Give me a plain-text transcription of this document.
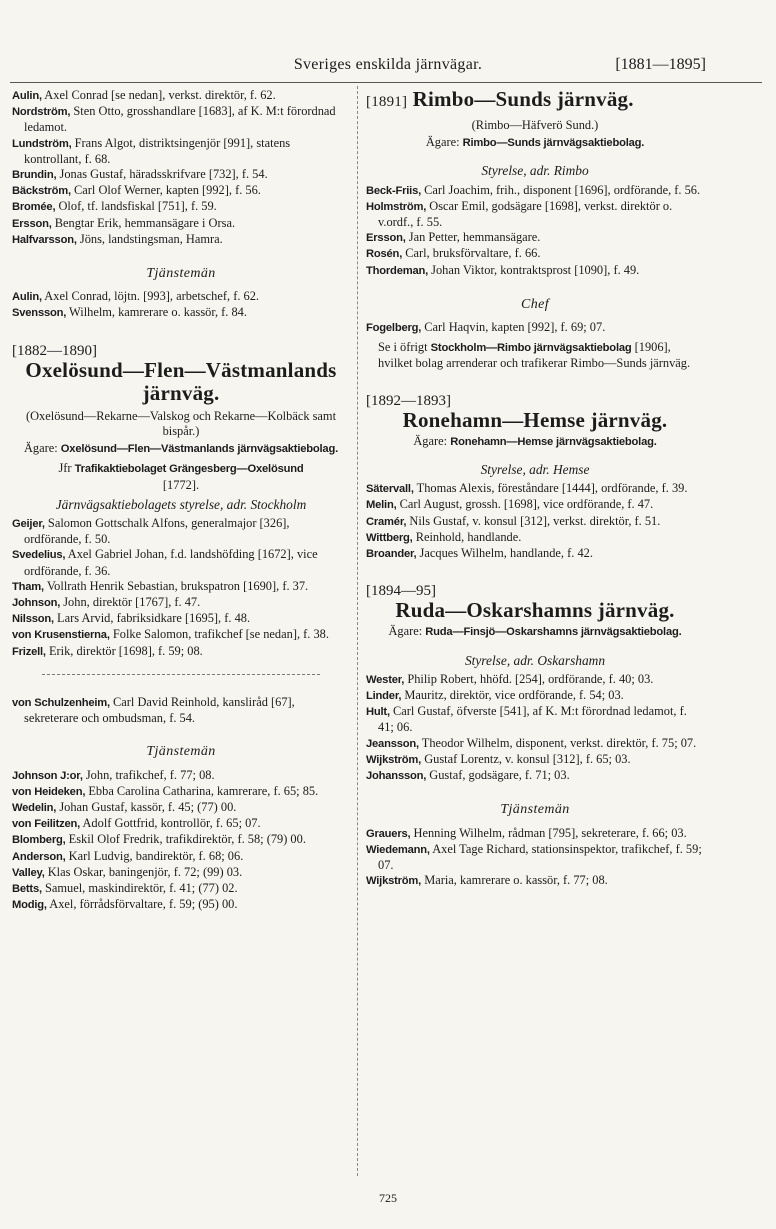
Sveriges enskilda järnvägar.	[1881—1895]

Aulin, Axel Conrad [se nedan], verkst. direktör, f. 62.

Nordström, Sten Otto, grosshandlare [1683], af K. M:t förordnad ledamot.

Lundström, Frans Algot, distriktsingenjör [991], statens kontrollant, f. 68.

Brundin, Jonas Gustaf, häradsskrifvare [732], f. 54.

Bäckström, Carl Olof Werner, kapten [992], f. 56.

Bromée, Olof, tf. landsfiskal [751], f. 59.

Ersson, Bengtar Erik, hemmansägare i Orsa.

Halfvarsson, Jöns, landstingsman, Hamra.

Tjänstemän

Aulin, Axel Conrad, löjtn. [993], arbetschef, f. 62.

Svensson, Wilhelm, kamrerare o. kassör, f. 84.

[1882—1890]
Oxelösund—Flen—Västmanlands
järnväg.
(Oxelösund—Rekarne—Valskog och Rekarne—Kolbäck samt bispår.)
Ägare: Oxelösund—Flen—Västmanlands järnvägsaktiebolag.
Jfr Trafikaktiebolaget Grängesberg—Oxelösund
[1772].
Järnvägsaktiebolagets styrelse, adr. Stockholm

Geijer, Salomon Gottschalk Alfons, generalmajor [326], ordförande, f. 50.

Svedelius, Axel Gabriel Johan, f.d. landshöfding [1672], vice ordförande, f. 36.

Tham, Vollrath Henrik Sebastian, brukspatron [1690], f. 37.

Johnson, John, direktör [1767], f. 47.

Nilsson, Lars Arvid, fabriksidkare [1695], f. 48.

von Krusenstierna, Folke Salomon, trafikchef [se nedan], f. 38.

Frizell, Erik, direktör [1698], f. 59; 08.

von Schulzenheim, Carl David Reinhold, kansliråd [67], sekreterare och ombudsman, f. 54.

Tjänstemän

Johnson J:or, John, trafikchef, f. 77; 08.

von Heideken, Ebba Carolina Catharina, kamrerare, f. 65; 85.

Wedelin, Johan Gustaf, kassör, f. 45; (77) 00.

von Feilitzen, Adolf Gottfrid, kontrollör, f. 65; 07.

Blomberg, Eskil Olof Fredrik, trafikdirektör, f. 58; (79) 00.

Anderson, Karl Ludvig, bandirektör, f. 68; 06.

Valley, Klas Oskar, baningenjör, f. 72; (99) 03.

Betts, Samuel, maskindirektör, f. 41; (77) 02.

Modig, Axel, förrådsförvaltare, f. 59; (95) 00.

[1891] Rimbo—Sunds järnväg.
(Rimbo—Häfverö Sund.)
Ägare: Rimbo—Sunds järnvägsaktiebolag.
Styrelse, adr. Rimbo

Beck-Friis, Carl Joachim, frih., disponent [1696], ordförande, f. 56.

Holmström, Oscar Emil, godsägare [1698], verkst. direktör o. v.ordf., f. 55.

Ersson, Jan Petter, hemmansägare.

Rosén, Carl, bruksförvaltare, f. 66.

Thordeman, Johan Viktor, kontraktsprost [1090], f. 49.

Chef

Fogelberg, Carl Haqvin, kapten [992], f. 69; 07.

Se i öfrigt Stockholm—Rimbo järnvägsaktiebolag [1906], hvilket bolag arrenderar och trafikerar Rimbo—Sunds järnväg.
[1892—1893]
Ronehamn—Hemse järnväg.
Ägare: Ronehamn—Hemse järnvägsaktiebolag.
Styrelse, adr. Hemse

Sätervall, Thomas Alexis, föreståndare [1444], ordförande, f. 39.

Melin, Carl August, grossh. [1698], vice ordförande, f. 47.

Cramér, Nils Gustaf, v. konsul [312], verkst. direktör, f. 51.

Wittberg, Reinhold, handlande.

Broander, Jacques Wilhelm, handlande, f. 42.

[1894—95]
Ruda—Oskarshamns järnväg.
Ägare: Ruda—Finsjö—Oskarshamns järnvägsaktiebolag.
Styrelse, adr. Oskarshamn

Wester, Philip Robert, hhöfd. [254], ordförande, f. 40; 03.

Linder, Mauritz, direktör, vice ordförande, f. 54; 03.

Hult, Carl Gustaf, öfverste [541], af K. M:t förordnad ledamot, f. 41; 06.

Jeansson, Theodor Wilhelm, disponent, verkst. direktör, f. 75; 07.

Wijkström, Gustaf Lorentz, v. konsul [312], f. 65; 03.

Johansson, Gustaf, godsägare, f. 71; 03.

Tjänstemän

Grauers, Henning Wilhelm, rådman [795], sekreterare, f. 66; 03.

Wiedemann, Axel Tage Richard, stationsinspektor, trafikchef, f. 59; 07.

Wijkström, Maria, kamrerare o. kassör, f. 77; 08.

725
